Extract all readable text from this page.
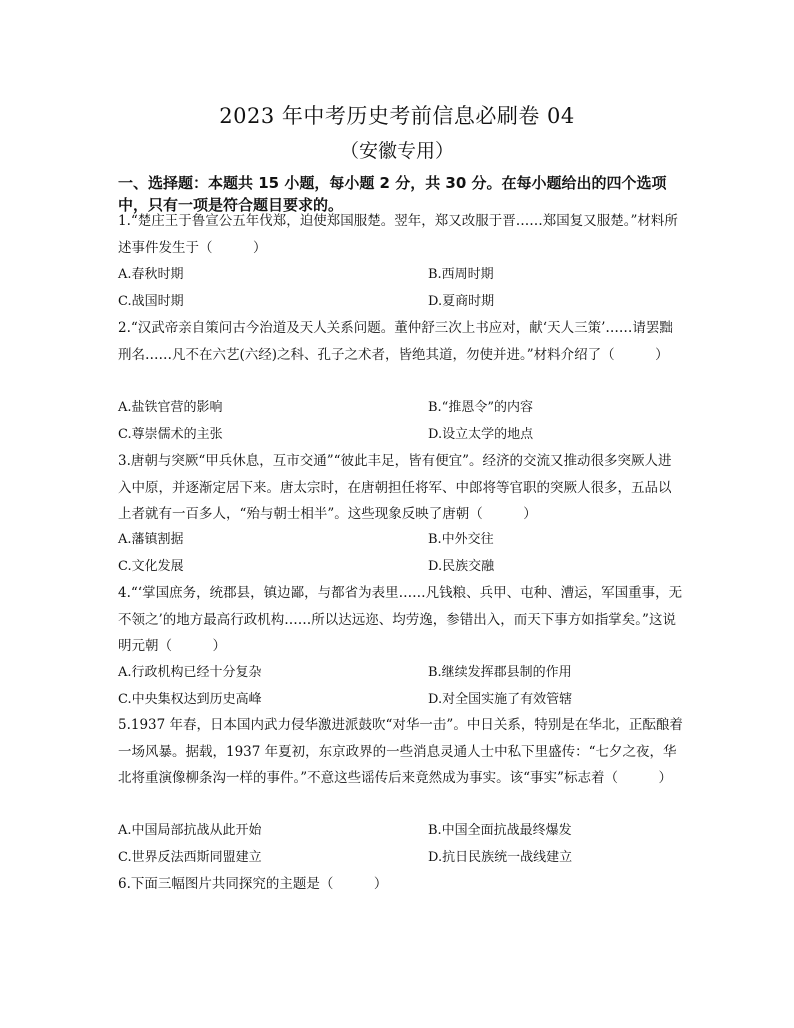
2023 年中考历史考前信息必刷卷 04
（安徽专用）
一、选择题：本题共 15 小题，每小题 2 分，共 30 分。在每小题给出的四个选项中，只有一项是符合题目要求的。

1.“楚庄王于鲁宣公五年伐郑，迫使郑国服楚。翌年，郑又改服于晋……郑国复又服楚。”材料所述事件发生于（　　　）

A.春秋时期	B.西周时期
C.战国时期	D.夏商时期

2.“汉武帝亲自策问古今治道及天人关系问题。董仲舒三次上书应对，献‘天人三策’……请罢黜刑名……凡不在六艺(六经)之科、孔子之术者，皆绝其道，勿使并进。”材料介绍了（　　　）

A.盐铁官营的影响	B.“推恩令”的内容
C.尊崇儒术的主张	D.设立太学的地点

3.唐朝与突厥“甲兵休息，互市交通”“彼此丰足，皆有便宜”。经济的交流又推动很多突厥人进入中原，并逐渐定居下来。唐太宗时，在唐朝担任将军、中郎将等官职的突厥人很多，五品以上者就有一百多人，“殆与朝士相半”。这些现象反映了唐朝（　　　）

A.藩镇割据	B.中外交往
C.文化发展	D.民族交融

4.“‘掌国庶务，统郡县，镇边鄙，与都省为表里……凡钱粮、兵甲、屯种、漕运，军国重事，无不领之’的地方最高行政机构……所以达远迩、均劳逸，参错出入，而天下事方如指掌矣。”这说明元朝（　　　）

A.行政机构已经十分复杂	B.继续发挥郡县制的作用
C.中央集权达到历史高峰	D.对全国实施了有效管辖

5.1937 年春，日本国内武力侵华激进派鼓吹“对华一击”。中日关系，特别是在华北，正酝酿着一场风暴。据载，1937 年夏初，东京政界的一些消息灵通人士中私下里盛传：“七夕之夜，华北将重演像柳条沟一样的事件。”不意这些谣传后来竟然成为事实。该“事实”标志着（　　　）

A.中国局部抗战从此开始	B.中国全面抗战最终爆发
C.世界反法西斯同盟建立	D.抗日民族统一战线建立

6.下面三幅图片共同探究的主题是（　　　）
